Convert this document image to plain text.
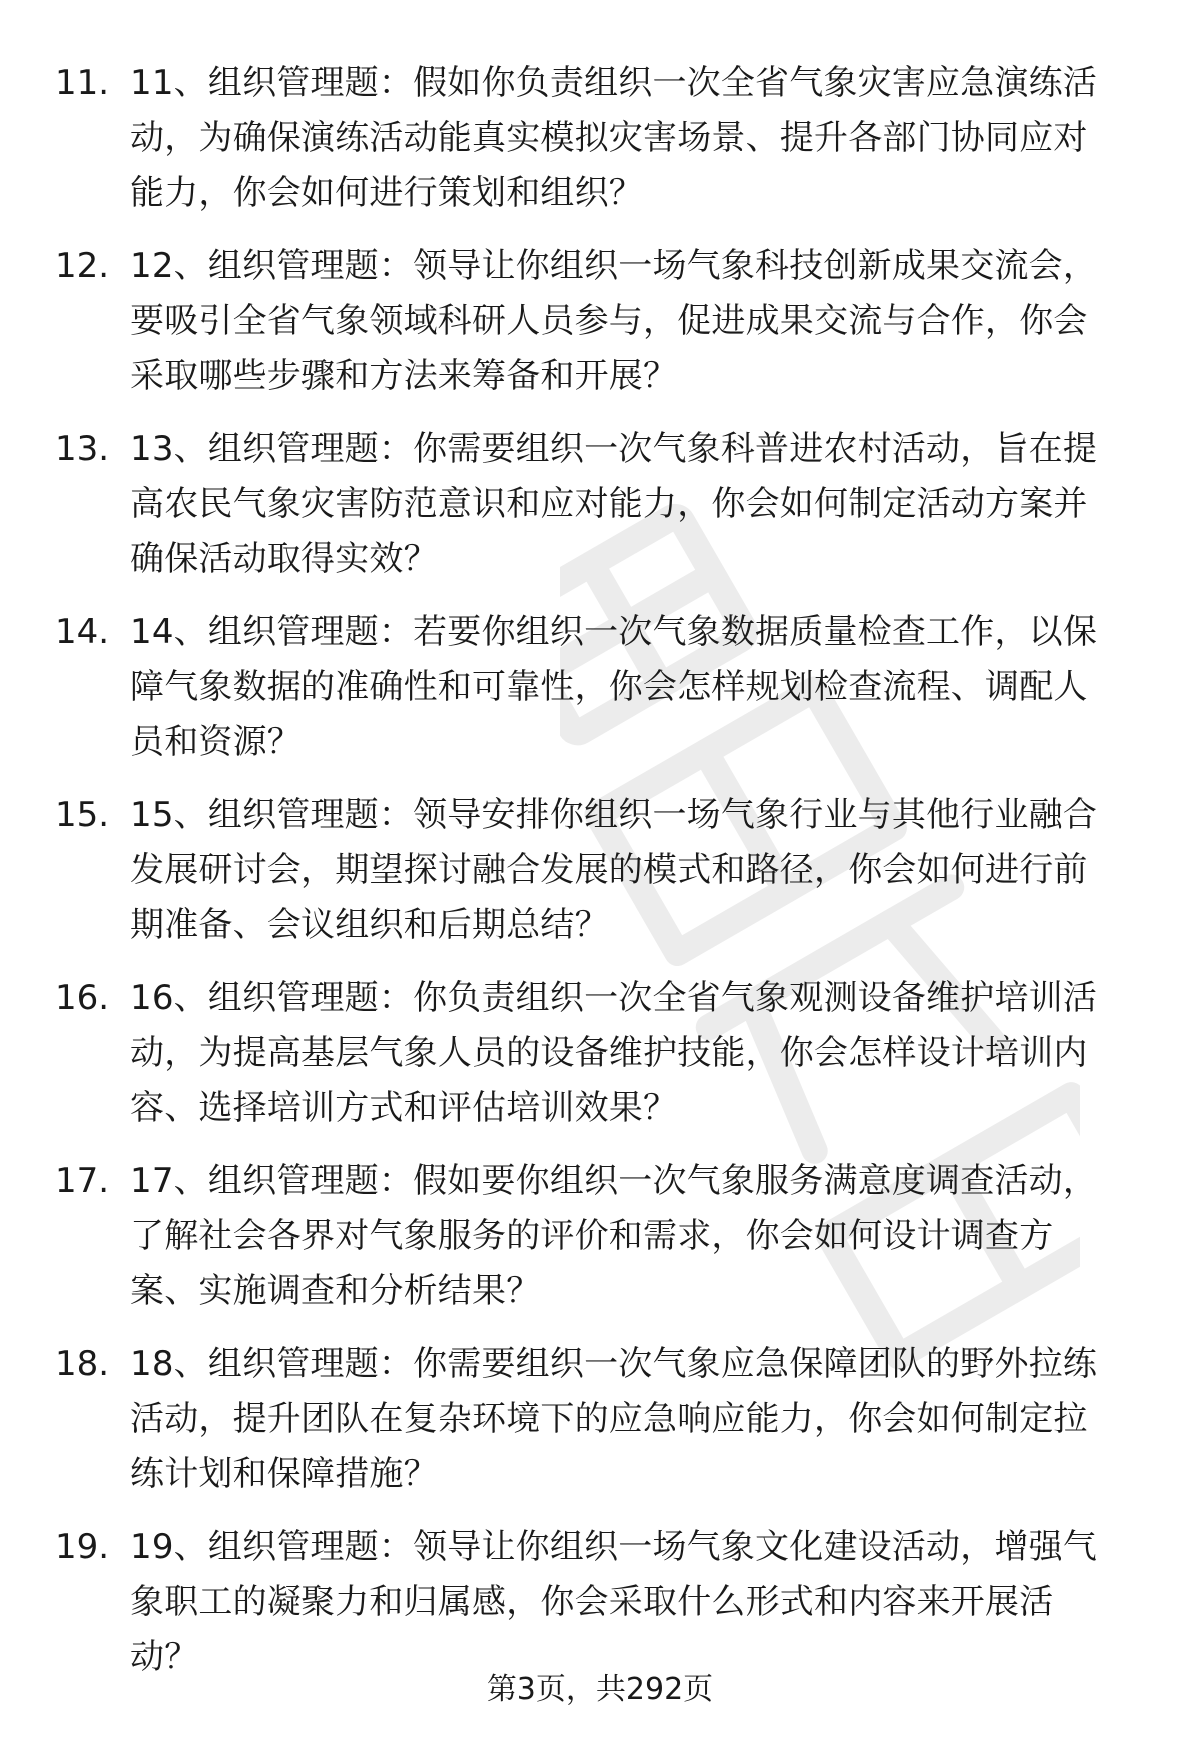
11. 11、组织管理题：假如你负责组织一次全省气象灾害应急演练活
动，为确保演练活动能真实模拟灾害场景、提升各部门协同应对
能力，你会如何进行策划和组织？
12. 12、组织管理题：领导让你组织一场气象科技创新成果交流会，
要吸引全省气象领域科研人员参与，促进成果交流与合作，你会
采取哪些步骤和方法来筹备和开展？
13. 13、组织管理题：你需要组织一次气象科普进农村活动，旨在提
高农民气象灾害防范意识和应对能力，你会如何制定活动方案并
确保活动取得实效？
14. 14、组织管理题：若要你组织一次气象数据质量检查工作，以保
障气象数据的准确性和可靠性，你会怎样规划检查流程、调配人
员和资源？
15. 15、组织管理题：领导安排你组织一场气象行业与其他行业融合
发展研讨会，期望探讨融合发展的模式和路径，你会如何进行前
期准备、会议组织和后期总结？
16. 16、组织管理题：你负责组织一次全省气象观测设备维护培训活
动，为提高基层气象人员的设备维护技能，你会怎样设计培训内
容、选择培训方式和评估培训效果？
17. 17、组织管理题：假如要你组织一次气象服务满意度调查活动，
了解社会各界对气象服务的评价和需求，你会如何设计调查方
案、实施调查和分析结果？
18. 18、组织管理题：你需要组织一次气象应急保障团队的野外拉练
活动，提升团队在复杂环境下的应急响应能力，你会如何制定拉
练计划和保障措施？
19. 19、组织管理题：领导让你组织一场气象文化建设活动，增强气
象职工的凝聚力和归属感，你会采取什么形式和内容来开展活
动？
第3页，共292页
